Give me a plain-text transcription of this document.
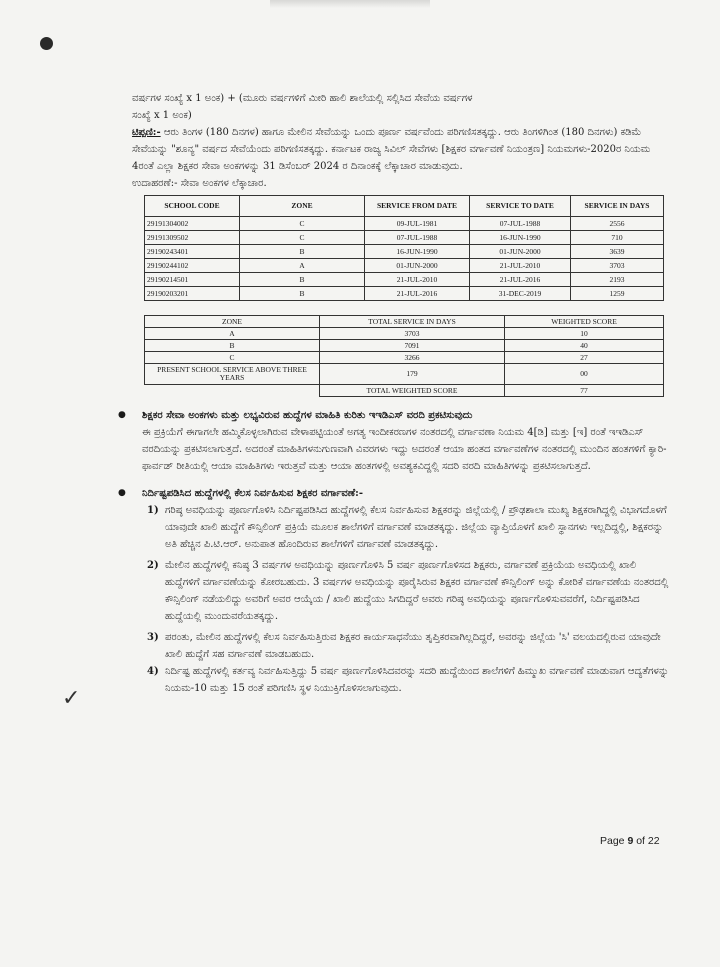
✓

ವರ್ಷಗಳ ಸಂಖ್ಯೆ x 1 ಅಂಕ) + (ಮೂರು ವರ್ಷಗಳಿಗೆ ಮೀರಿ ಹಾಲಿ ಶಾಲೆಯಲ್ಲಿ ಸಲ್ಲಿಸಿದ ಸೇವೆಯ ವರ್ಷಗಳ

ಸಂಖ್ಯೆ x 1 ಅಂಕ)

ಟಿಪ್ಪಣಿ:- ಆರು ತಿಂಗಳ (180 ದಿನಗಳ) ಹಾಗೂ ಮೇಲಿನ ಸೇವೆಯನ್ನು ಒಂದು ಪೂರ್ಣ ವರ್ಷವೆಂದು ಪರಿಗಣಿಸತಕ್ಕದ್ದು. ಆರು ತಿಂಗಳಿಗಿಂತ (180 ದಿನಗಳು) ಕಡಿಮೆ ಸೇವೆಯನ್ನು "ಶೂನ್ಯ" ವರ್ಷದ ಸೇವೆಯೆಂದು ಪರಿಗಣಿಸತಕ್ಕದ್ದು. ಕರ್ನಾಟಕ ರಾಜ್ಯ ಸಿವಿಲ್ ಸೇವೆಗಳು [ಶಿಕ್ಷಕರ ವರ್ಗಾವಣೆ ನಿಯಂತ್ರಣ] ನಿಯಮಗಳು-2020ರ ನಿಯಮ 4ರಂತೆ ಎಲ್ಲಾ ಶಿಕ್ಷಕರ ಸೇವಾ ಅಂಕಗಳನ್ನು 31 ಡಿಸೆಂಬರ್ 2024 ರ ದಿನಾಂಕಕ್ಕೆ ಲೆಕ್ಕಾಚಾರ ಮಾಡುವುದು.

ಉದಾಹರಣೆ:- ಸೇವಾ ಅಂಕಗಳ ಲೆಕ್ಕಾಚಾರ.

SCHOOL CODE	ZONE	SERVICE FROM DATE	SERVICE TO DATE	SERVICE IN DAYS
29191304002	C	09-JUL-1981	07-JUL-1988	2556
29191309502	C	07-JUL-1988	16-JUN-1990	710
29190243401	B	16-JUN-1990	01-JUN-2000	3639
29190244102	A	01-JUN-2000	21-JUL-2010	3703
29190214501	B	21-JUL-2010	21-JUL-2016	2193
29190203201	B	21-JUL-2016	31-DEC-2019	1259
ZONE	TOTAL SERVICE IN DAYS	WEIGHTED SCORE
A	3703	10
B	7091	40
C	3266	27
PRESENT SCHOOL SERVICE ABOVE THREE YEARS	179	00
	TOTAL WEIGHTED SCORE	77

● ಶಿಕ್ಷಕರ ಸೇವಾ ಅಂಕಗಳು ಮತ್ತು ಲಭ್ಯವಿರುವ ಹುದ್ದೆಗಳ ಮಾಹಿತಿ ಕುರಿತು ಇಇಡಿಎಸ್ ವರದಿ ಪ್ರಕಟಿಸುವುದು

ಈ ಪ್ರಕ್ರಿಯೆಗೆ ಈಗಾಗಲೇ ಹಮ್ಮಿಕೊಳ್ಳಲಾಗಿರುವ ವೇಳಾಪಟ್ಟಿಯಂತೆ ಅಗತ್ಯ ಇಂದೀಕರಣಗಳ ನಂತರದಲ್ಲಿ ವರ್ಗಾವಣಾ ನಿಯಮ 4[ಡಿ] ಮತ್ತು [ಇ] ರಂತೆ ಇಇಡಿಎಸ್ ವರದಿಯನ್ನು ಪ್ರಕಟಿಸಲಾಗುತ್ತದೆ. ಅದರಂತೆ ಮಾಹಿತಿಗಳನುಗುಣವಾಗಿ ವಿವರಗಳು ಇದ್ದು ಅದರಂತೆ ಆಯಾ ಹಂತದ ವರ್ಗಾವಣೆಗಳ ನಂತರದಲ್ಲಿ ಮುಂದಿನ ಹಂತಗಳಿಗೆ ಕ್ಯಾರಿ-ಫಾರ್ವಡ್ ರೀತಿಯಲ್ಲಿ ಆಯಾ ಮಾಹಿತಿಗಳು ಇರುತ್ತವೆ ಮತ್ತು ಆಯಾ ಹಂತಗಳಲ್ಲಿ ಅವಶ್ಯಕವಿದ್ದಲ್ಲಿ ಸದರಿ ವರದಿ ಮಾಹಿತಿಗಳನ್ನು ಪ್ರಕಟಿಸಲಾಗುತ್ತದೆ.

● ನಿರ್ದಿಷ್ಟಪಡಿಸಿದ ಹುದ್ದೆಗಳಲ್ಲಿ ಕೆಲಸ ನಿರ್ವಹಿಸುವ ಶಿಕ್ಷಕರ ವರ್ಗಾವಣೆ:-

1) ಗರಿಷ್ಠ ಅವಧಿಯನ್ನು ಪೂರ್ಣಗೊಳಿಸಿ ನಿರ್ದಿಷ್ಟಪಡಿಸಿದ ಹುದ್ದೆಗಳಲ್ಲಿ ಕೆಲಸ ನಿರ್ವಹಿಸುವ ಶಿಕ್ಷಕರನ್ನು ಜಿಲ್ಲೆಯಲ್ಲಿ / ಪ್ರೌಢಶಾಲಾ ಮುಖ್ಯ ಶಿಕ್ಷಕರಾಗಿದ್ದಲ್ಲಿ ವಿಭಾಗದೊಳಗೆ ಯಾವುದೇ ಖಾಲಿ ಹುದ್ದೆಗೆ ಕೌನ್ಸಿಲಿಂಗ್ ಪ್ರಕ್ರಿಯೆ ಮೂಲಕ ಶಾಲೆಗಳಿಗೆ ವರ್ಗಾವಣೆ ಮಾಡತಕ್ಕದ್ದು. ಜಿಲ್ಲೆಯ ವ್ಯಾಪ್ತಿಯೊಳಗೆ ಖಾಲಿ ಸ್ಥಾನಗಳು ಇಲ್ಲದಿದ್ದಲ್ಲಿ, ಶಿಕ್ಷಕರನ್ನು ಅತಿ ಹೆಚ್ಚಿನ ಪಿ.ಟಿ.ಆರ್. ಅನುಪಾತ ಹೊಂದಿರುವ ಶಾಲೆಗಳಿಗೆ ವರ್ಗಾವಣೆ ಮಾಡತಕ್ಕದ್ದು.

2) ಮೇಲಿನ ಹುದ್ದೆಗಳಲ್ಲಿ ಕನಿಷ್ಠ 3 ವರ್ಷಗಳ ಅವಧಿಯನ್ನು ಪೂರ್ಣಗೊಳಿಸಿ 5 ವರ್ಷ ಪೂರ್ಣಗೊಳಿಸದ ಶಿಕ್ಷಕರು, ವರ್ಗಾವಣೆ ಪ್ರಕ್ರಿಯೆಯ ಅವಧಿಯಲ್ಲಿ ಖಾಲಿ ಹುದ್ದೆಗಳಿಗೆ ವರ್ಗಾವಣೆಯನ್ನು ಕೋರಬಹುದು. 3 ವರ್ಷಗಳ ಅವಧಿಯನ್ನು ಪೂರೈಸಿರುವ ಶಿಕ್ಷಕರ ವರ್ಗಾವಣೆ ಕೌನ್ಸಿಲಿಂಗ್ ಅನ್ನು ಕೋರಿಕೆ ವರ್ಗಾವಣೆಯ ನಂತರದಲ್ಲಿ ಕೌನ್ಸಿಲಿಂಗ್ ನಡೆಯಲಿದ್ದು ಅವರಿಗೆ ಅವರ ಆಯ್ಕೆಯ / ಖಾಲಿ ಹುದ್ದೆಯು ಸಿಗದಿದ್ದರೆ ಅವರು ಗರಿಷ್ಠ ಅವಧಿಯನ್ನು ಪೂರ್ಣಗೊಳಿಸುವವರೆಗೆ, ನಿರ್ದಿಷ್ಟಪಡಿಸಿದ ಹುದ್ದೆಯಲ್ಲಿ ಮುಂದುವರೆಯತಕ್ಕದ್ದು.

3) ಪರಂತು, ಮೇಲಿನ ಹುದ್ದೆಗಳಲ್ಲಿ ಕೆಲಸ ನಿರ್ವಹಿಸುತ್ತಿರುವ ಶಿಕ್ಷಕರ ಕಾರ್ಯಸಾಧನೆಯು ತೃಪ್ತಿಕರವಾಗಿಲ್ಲದಿದ್ದರೆ, ಅವರನ್ನು ಜಿಲ್ಲೆಯ 'ಸಿ' ವಲಯದಲ್ಲಿರುವ ಯಾವುದೇ ಖಾಲಿ ಹುದ್ದೆಗೆ ಸಹ ವರ್ಗಾವಣೆ ಮಾಡಬಹುದು.

4) ನಿರ್ದಿಷ್ಟ ಹುದ್ದೆಗಳಲ್ಲಿ ಕರ್ತವ್ಯ ನಿರ್ವಹಿಸುತ್ತಿದ್ದು 5 ವರ್ಷ ಪೂರ್ಣಗೊಳಿಸಿದವರನ್ನು ಸದರಿ ಹುದ್ದೆಯಿಂದ ಶಾಲೆಗಳಿಗೆ ಹಿಮ್ಮುಖ ವರ್ಗಾವಣೆ ಮಾಡುವಾಗ ಆದ್ಯತೆಗಳನ್ನು ನಿಯಮ-10 ಮತ್ತು 15 ರಂತೆ ಪರಿಗಣಿಸಿ ಸ್ಥಳ ನಿಯುಕ್ತಿಗೊಳಿಸಲಾಗುವುದು.

Page 9 of 22
